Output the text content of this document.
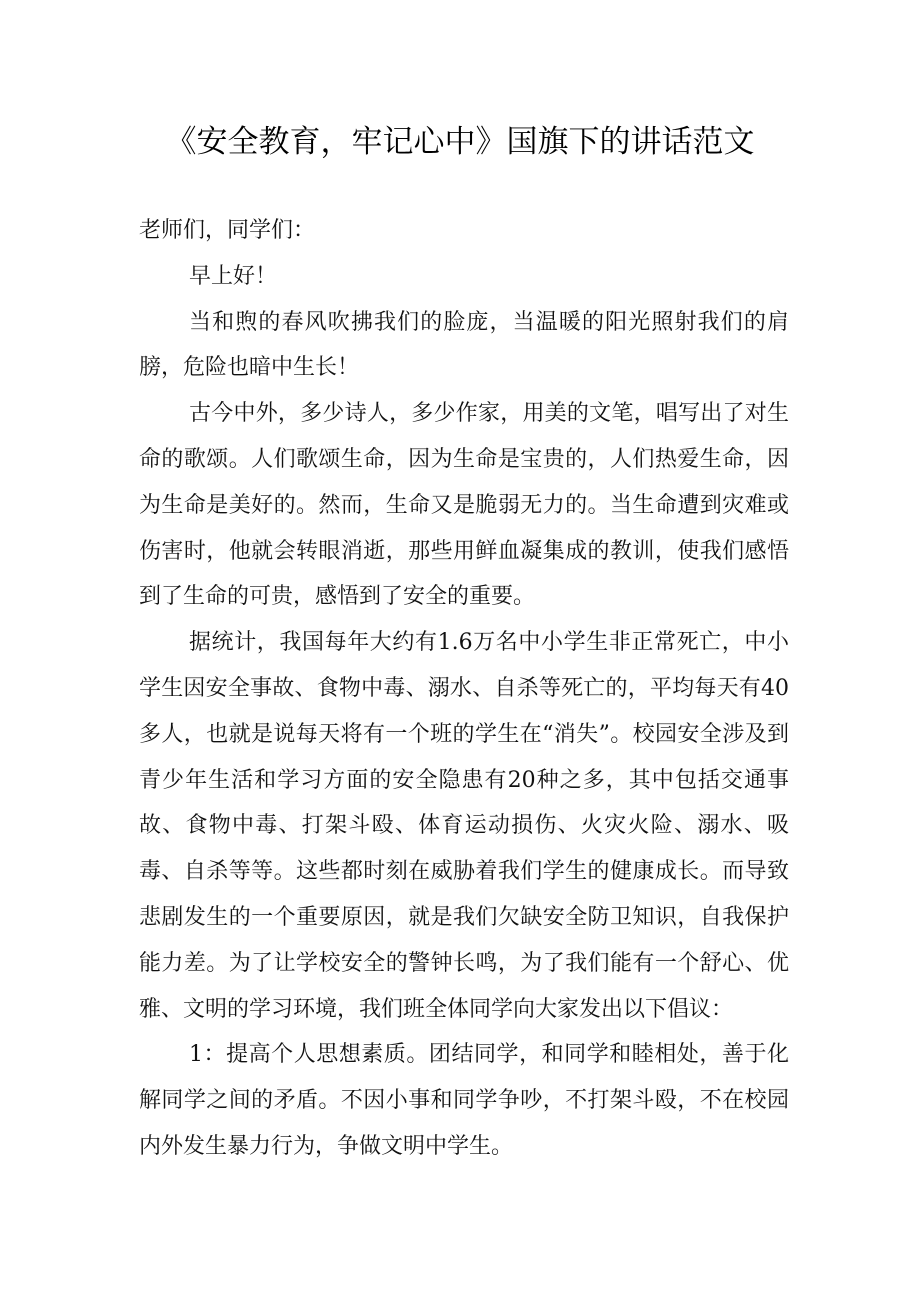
《安全教育，牢记心中》国旗下的讲话范文

老师们，同学们：

早上好！

当和煦的春风吹拂我们的脸庞，当温暖的阳光照射我们的肩膀，危险也暗中生长！

古今中外，多少诗人，多少作家，用美的文笔，唱写出了对生命的歌颂。人们歌颂生命，因为生命是宝贵的，人们热爱生命，因为生命是美好的。然而，生命又是脆弱无力的。当生命遭到灾难或伤害时，他就会转眼消逝，那些用鲜血凝集成的教训，使我们感悟到了生命的可贵，感悟到了安全的重要。

据统计，我国每年大约有1.6万名中小学生非正常死亡，中小学生因安全事故、食物中毒、溺水、自杀等死亡的，平均每天有40多人，也就是说每天将有一个班的学生在“消失”。校园安全涉及到青少年生活和学习方面的安全隐患有20种之多，其中包括交通事故、食物中毒、打架斗殴、体育运动损伤、火灾火险、溺水、吸毒、自杀等等。这些都时刻在威胁着我们学生的健康成长。而导致悲剧发生的一个重要原因，就是我们欠缺安全防卫知识，自我保护能力差。为了让学校安全的警钟长鸣，为了我们能有一个舒心、优雅、文明的学习环境，我们班全体同学向大家发出以下倡议：

1：提高个人思想素质。团结同学，和同学和睦相处，善于化解同学之间的矛盾。不因小事和同学争吵，不打架斗殴，不在校园内外发生暴力行为，争做文明中学生。
